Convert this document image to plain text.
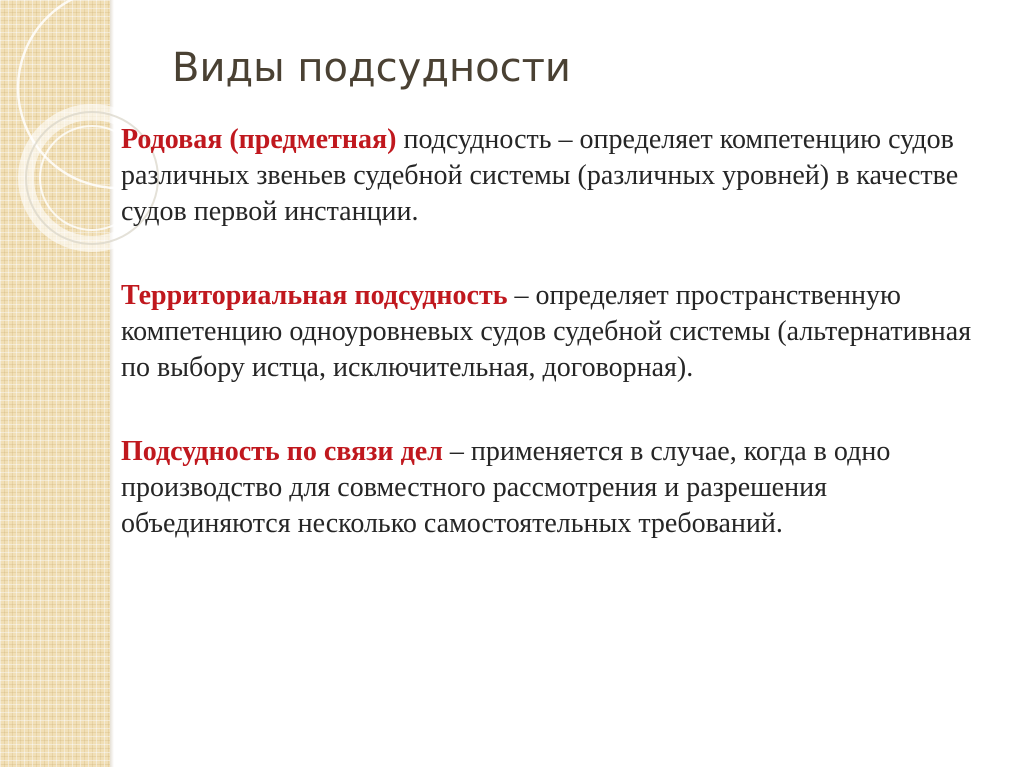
Виды подсудности

Родовая (предметная) подсудность – определяет компетенцию судов различных звеньев судебной системы (различных уровней) в качестве судов первой инстанции.

Территориальная подсудность – определяет пространственную компетенцию одноуровневых судов судебной системы (альтернативная по выбору истца, исключительная, договорная).

Подсудность по связи дел – применяется в случае, когда в одно производство для совместного рассмотрения и разрешения объединяются несколько самостоятельных требований.
